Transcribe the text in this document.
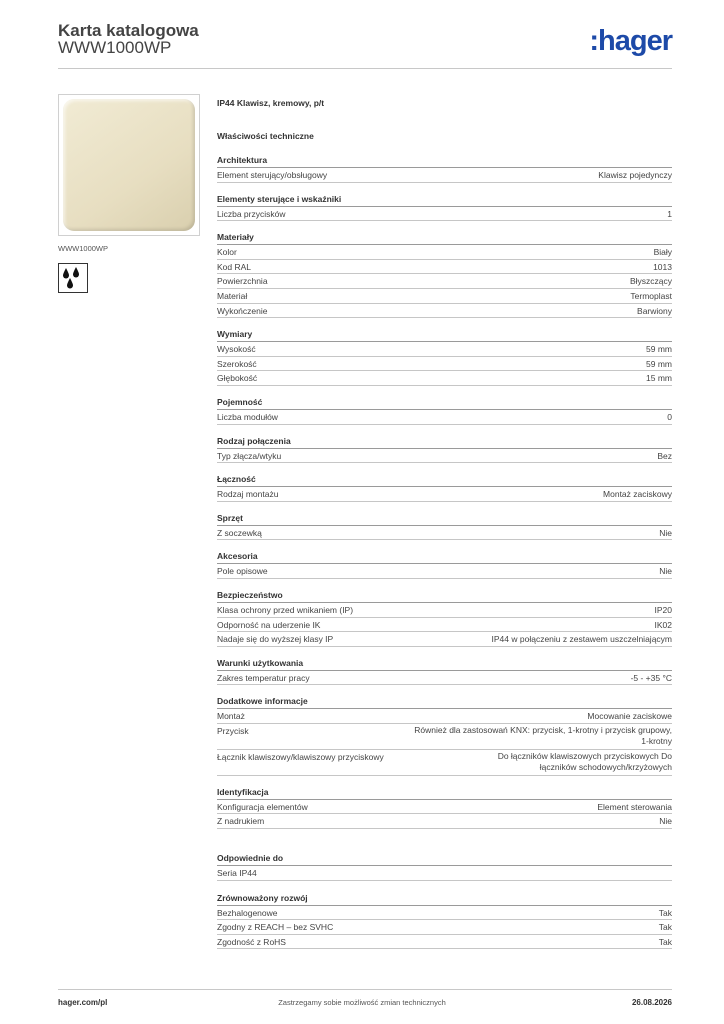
Karta katalogowa
WWW1000WP	:hager
WWW1000WP
IP44 Klawisz, kremowy, p/t
Właściwości techniczne
Architektura
Element sterujący/obsługowy	Klawisz pojedynczy
Elementy sterujące i wskaźniki
Liczba przycisków	1
Materiały
Kolor	Biały
Kod RAL	1013
Powierzchnia	Błyszczący
Materiał	Termoplast
Wykończenie	Barwiony
Wymiary
Wysokość	59 mm
Szerokość	59 mm
Głębokość	15 mm
Pojemność
Liczba modułów	0
Rodzaj połączenia
Typ złącza/wtyku	Bez
Łączność
Rodzaj montażu	Montaż zaciskowy
Sprzęt
Z soczewką	Nie
Akcesoria
Pole opisowe	Nie
Bezpieczeństwo
Klasa ochrony przed wnikaniem (IP)	IP20
Odporność na uderzenie IK	IK02
Nadaje się do wyższej klasy IP	IP44 w połączeniu z zestawem uszczelniającym
Warunki użytkowania
Zakres temperatur pracy	-5 - +35 °C
Dodatkowe informacje
Montaż	Mocowanie zaciskowe
Przycisk	Również dla zastosowań KNX: przycisk, 1-krotny i przycisk grupowy, 1-krotny
Łącznik klawiszowy/klawiszowy przyciskowy	Do łączników klawiszowych przyciskowych Do łączników schodowych/krzyżowych
Identyfikacja
Konfiguracja elementów	Element sterowania
Z nadrukiem	Nie
Odpowiednie do
Seria IP44
Zrównoważony rozwój
Bezhalogenowe	Tak
Zgodny z REACH – bez SVHC	Tak
Zgodność z RoHS	Tak
hager.com/pl	Zastrzegamy sobie możliwość zmian technicznych	26.08.2026
